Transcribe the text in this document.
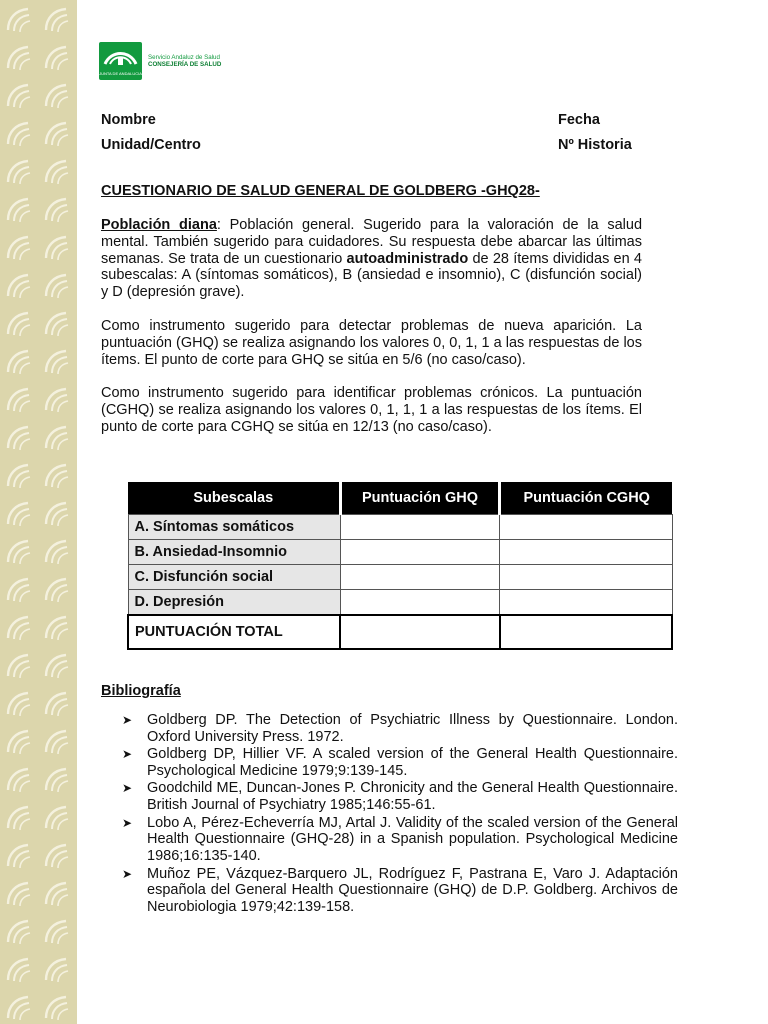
JUNTA DE ANDALUCIA
Servicio Andaluz de Salud
CONSEJERÍA DE SALUD
Nombre	Fecha
Unidad/Centro	Nº Historia
CUESTIONARIO DE SALUD GENERAL DE GOLDBERG -GHQ28-

Población diana: Población general. Sugerido para la valoración de la salud mental. También sugerido para cuidadores. Su respuesta debe abarcar las últimas semanas. Se trata de un cuestionario autoadministrado de 28 ítems divididas en 4 subescalas: A (síntomas somáticos), B (ansiedad e insomnio), C (disfunción social) y D (depresión grave).

Como instrumento sugerido para detectar problemas de nueva aparición. La puntuación (GHQ) se realiza asignando los valores 0, 0, 1, 1 a las respuestas de los ítems. El punto de corte para GHQ se sitúa en 5/6 (no caso/caso).

Como instrumento sugerido para identificar problemas crónicos. La puntuación (CGHQ) se realiza asignando los valores 0, 1, 1, 1 a las respuestas de los ítems. El punto de corte para CGHQ se sitúa en 12/13 (no caso/caso).

Subescalas	Puntuación GHQ	Puntuación CGHQ
A. Síntomas somáticos		
B. Ansiedad-Insomnio		
C. Disfunción social		
D. Depresión		
PUNTUACIÓN TOTAL		
Bibliografía
➤ Goldberg DP. The Detection of Psychiatric Illness by Questionnaire. London. Oxford University Press. 1972.
➤ Goldberg DP, Hillier VF. A scaled version of the General Health Questionnaire. Psychological Medicine 1979;9:139-145.
➤ Goodchild ME, Duncan-Jones P. Chronicity and the General Health Questionnaire. British Journal of Psychiatry 1985;146:55-61.
➤ Lobo A, Pérez-Echeverría MJ, Artal J. Validity of the scaled version of the General Health Questionnaire (GHQ-28) in a Spanish population. Psychological Medicine 1986;16:135-140.
➤ Muñoz PE, Vázquez-Barquero JL, Rodríguez F, Pastrana E, Varo J. Adaptación española del General Health Questionnaire (GHQ) de D.P. Goldberg. Archivos de Neurobiologia 1979;42:139-158.
